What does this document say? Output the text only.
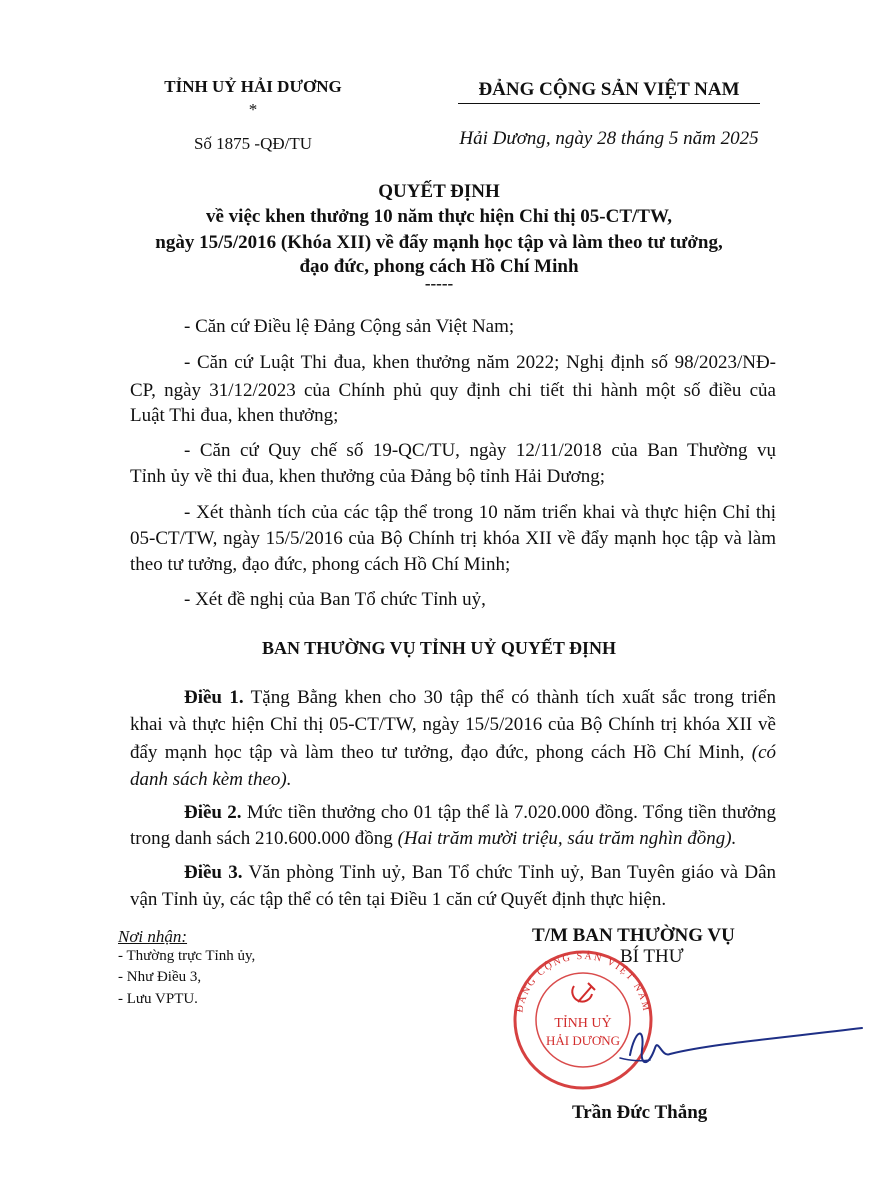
TỈNH UỶ HẢI DƯƠNG

*

Số 1875 -QĐ/TU

ĐẢNG CỘNG SẢN VIỆT NAM

Hải Dương, ngày 28 tháng 5 năm 2025

QUYẾT ĐỊNH

về việc khen thưởng 10 năm thực hiện Chỉ thị 05-CT/TW,

ngày 15/5/2016 (Khóa XII) về đẩy mạnh học tập và làm theo tư tưởng,

đạo đức, phong cách Hồ Chí Minh

-----

- Căn cứ Điều lệ Đảng Cộng sản Việt Nam;

- Căn cứ Luật Thi đua, khen thưởng năm 2022; Nghị định số 98/2023/NĐ-

CP, ngày 31/12/2023 của Chính phủ quy định chi tiết thi hành một số điều của

Luật Thi đua, khen thưởng;

- Căn cứ Quy chế số 19-QC/TU, ngày 12/11/2018 của Ban Thường vụ

Tỉnh ủy về thi đua, khen thưởng của Đảng bộ tỉnh Hải Dương;

- Xét thành tích của các tập thể trong 10 năm triển khai và thực hiện Chỉ thị

05-CT/TW, ngày 15/5/2016 của Bộ Chính trị khóa XII về đẩy mạnh học tập và làm

theo tư tưởng, đạo đức, phong cách Hồ Chí Minh;

- Xét đề nghị của Ban Tổ chức Tỉnh uỷ,

BAN THƯỜNG VỤ TỈNH UỶ QUYẾT ĐỊNH

Điều 1. Tặng Bằng khen cho 30 tập thể có thành tích xuất sắc trong triển

khai và thực hiện Chỉ thị 05-CT/TW, ngày 15/5/2016 của Bộ Chính trị khóa XII về

đẩy mạnh học tập và làm theo tư tưởng, đạo đức, phong cách Hồ Chí Minh, (có

danh sách kèm theo).

Điều 2. Mức tiền thưởng cho 01 tập thể là 7.020.000 đồng. Tổng tiền thưởng

trong danh sách 210.600.000 đồng (Hai trăm mười triệu, sáu trăm nghìn đồng).

Điều 3. Văn phòng Tỉnh uỷ, Ban Tổ chức Tỉnh uỷ, Ban Tuyên giáo và Dân

vận Tỉnh ủy, các tập thể có tên tại Điều 1 căn cứ Quyết định thực hiện.

Nơi nhận:

- Thường trực Tỉnh ủy,

- Như Điều 3,

- Lưu VPTU.

T/M BAN THƯỜNG VỤ

BÍ THƯ

ĐẢNG CỘNG SẢN VIỆT NAM
TỈNH UỶ
HẢI DƯƠNG

Trần Đức Thắng
